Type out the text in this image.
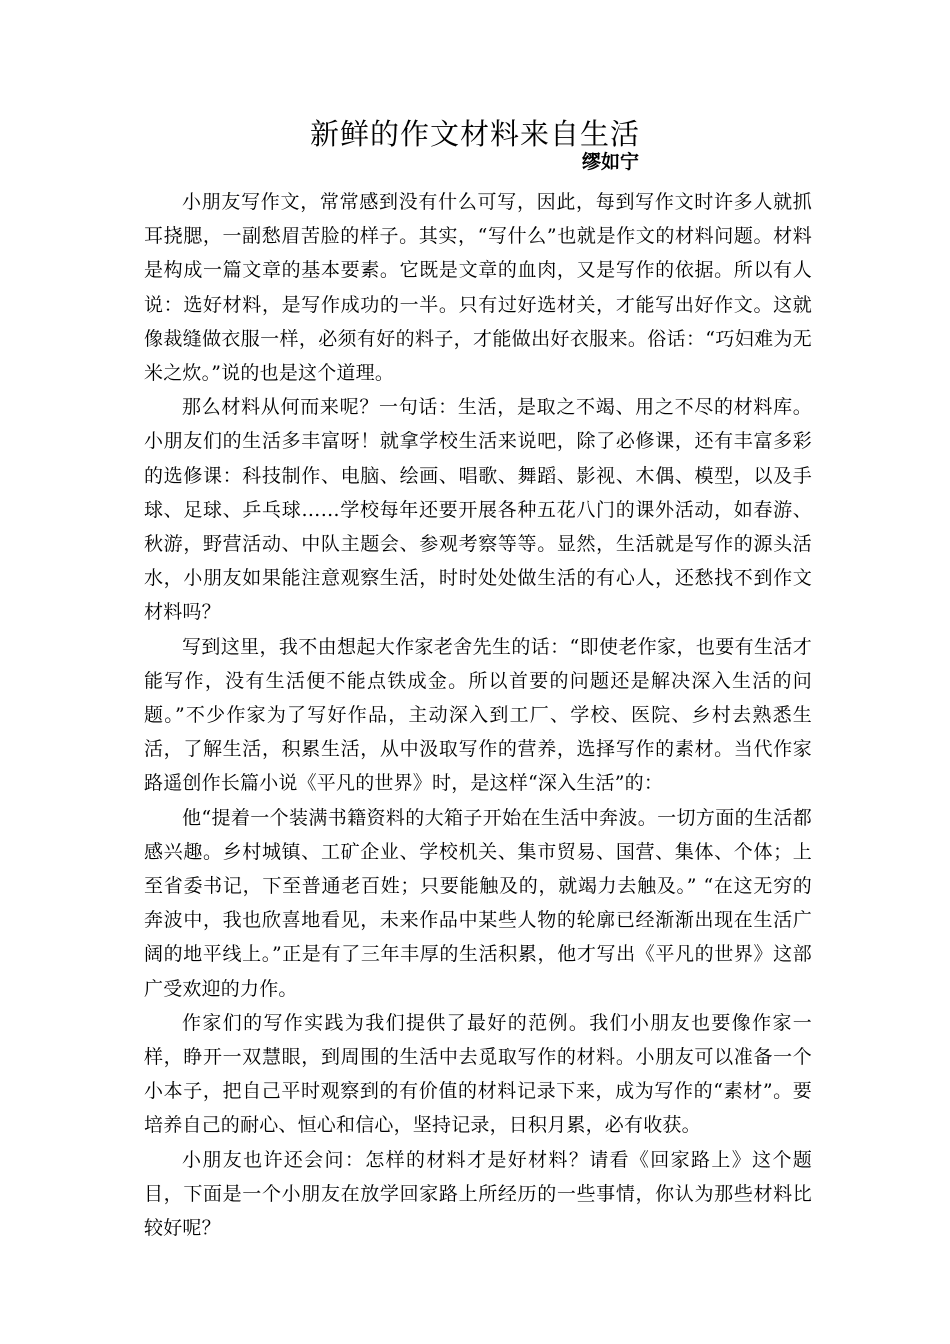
新鲜的作文材料来自生活
缪如宁

小朋友写作文，常常感到没有什么可写，因此，每到写作文时许多人就抓耳挠腮，一副愁眉苦脸的样子。其实，“写什么”也就是作文的材料问题。材料是构成一篇文章的基本要素。它既是文章的血肉，又是写作的依据。所以有人说：选好材料，是写作成功的一半。只有过好选材关，才能写出好作文。这就像裁缝做衣服一样，必须有好的料子，才能做出好衣服来。俗话：“巧妇难为无米之炊。”说的也是这个道理。

那么材料从何而来呢？一句话：生活，是取之不竭、用之不尽的材料库。小朋友们的生活多丰富呀！就拿学校生活来说吧，除了必修课，还有丰富多彩的选修课：科技制作、电脑、绘画、唱歌、舞蹈、影视、木偶、模型，以及手球、足球、乒乓球……学校每年还要开展各种五花八门的课外活动，如春游、秋游，野营活动、中队主题会、参观考察等等。显然，生活就是写作的源头活水，小朋友如果能注意观察生活，时时处处做生活的有心人，还愁找不到作文材料吗？

写到这里，我不由想起大作家老舍先生的话：“即使老作家，也要有生活才能写作，没有生活便不能点铁成金。所以首要的问题还是解决深入生活的问题。”不少作家为了写好作品，主动深入到工厂、学校、医院、乡村去熟悉生活，了解生活，积累生活，从中汲取写作的营养，选择写作的素材。当代作家路遥创作长篇小说《平凡的世界》时，是这样“深入生活”的：

他“提着一个装满书籍资料的大箱子开始在生活中奔波。一切方面的生活都感兴趣。乡村城镇、工矿企业、学校机关、集市贸易、国营、集体、个体；上至省委书记，下至普通老百姓；只要能触及的，就竭力去触及。” “在这无穷的奔波中，我也欣喜地看见，未来作品中某些人物的轮廓已经渐渐出现在生活广阔的地平线上。”正是有了三年丰厚的生活积累，他才写出《平凡的世界》这部广受欢迎的力作。

作家们的写作实践为我们提供了最好的范例。我们小朋友也要像作家一样，睁开一双慧眼，到周围的生活中去觅取写作的材料。小朋友可以准备一个小本子，把自己平时观察到的有价值的材料记录下来，成为写作的“素材”。要培养自己的耐心、恒心和信心，坚持记录，日积月累，必有收获。

小朋友也许还会问：怎样的材料才是好材料？请看《回家路上》这个题目，下面是一个小朋友在放学回家路上所经历的一些事情，你认为那些材料比较好呢？
